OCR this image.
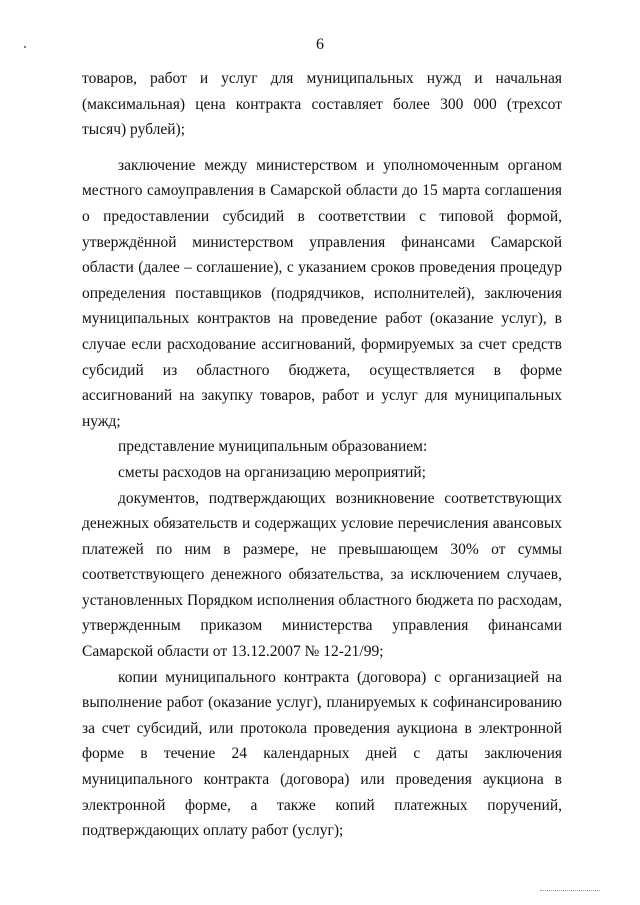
6

товаров, работ и услуг для муниципальных нужд и начальная (максимальная) цена контракта составляет более 300 000 (трехсот тысяч) рублей);

заключение между министерством и уполномоченным органом местного самоуправления в Самарской области до 15 марта соглашения о предоставлении субсидий в соответствии с типовой формой, утверждённой министерством управления финансами Самарской области (далее – соглашение), с указанием сроков проведения процедур определения поставщиков (подрядчиков, исполнителей), заключения муниципальных контрактов на проведение работ (оказание услуг), в случае если расходование ассигнований, формируемых за счет средств субсидий из областного бюджета, осуществляется в форме ассигнований на закупку товаров, работ и услуг для муниципальных нужд;

представление муниципальным образованием:

сметы расходов на организацию мероприятий;

документов, подтверждающих возникновение соответствующих денежных обязательств и содержащих условие перечисления авансовых платежей по ним в размере, не превышающем 30% от суммы соответствующего денежного обязательства, за исключением случаев, установленных Порядком исполнения областного бюджета по расходам, утвержденным приказом министерства управления финансами Самарской области от 13.12.2007 № 12-21/99;

копии муниципального контракта (договора) с организацией на выполнение работ (оказание услуг), планируемых к софинансированию за счет субсидий, или протокола проведения аукциона в электронной форме в течение 24 календарных дней с даты заключения муниципального контракта (договора) или проведения аукциона в электронной форме, а также копий платежных поручений, подтверждающих оплату работ (услуг);
